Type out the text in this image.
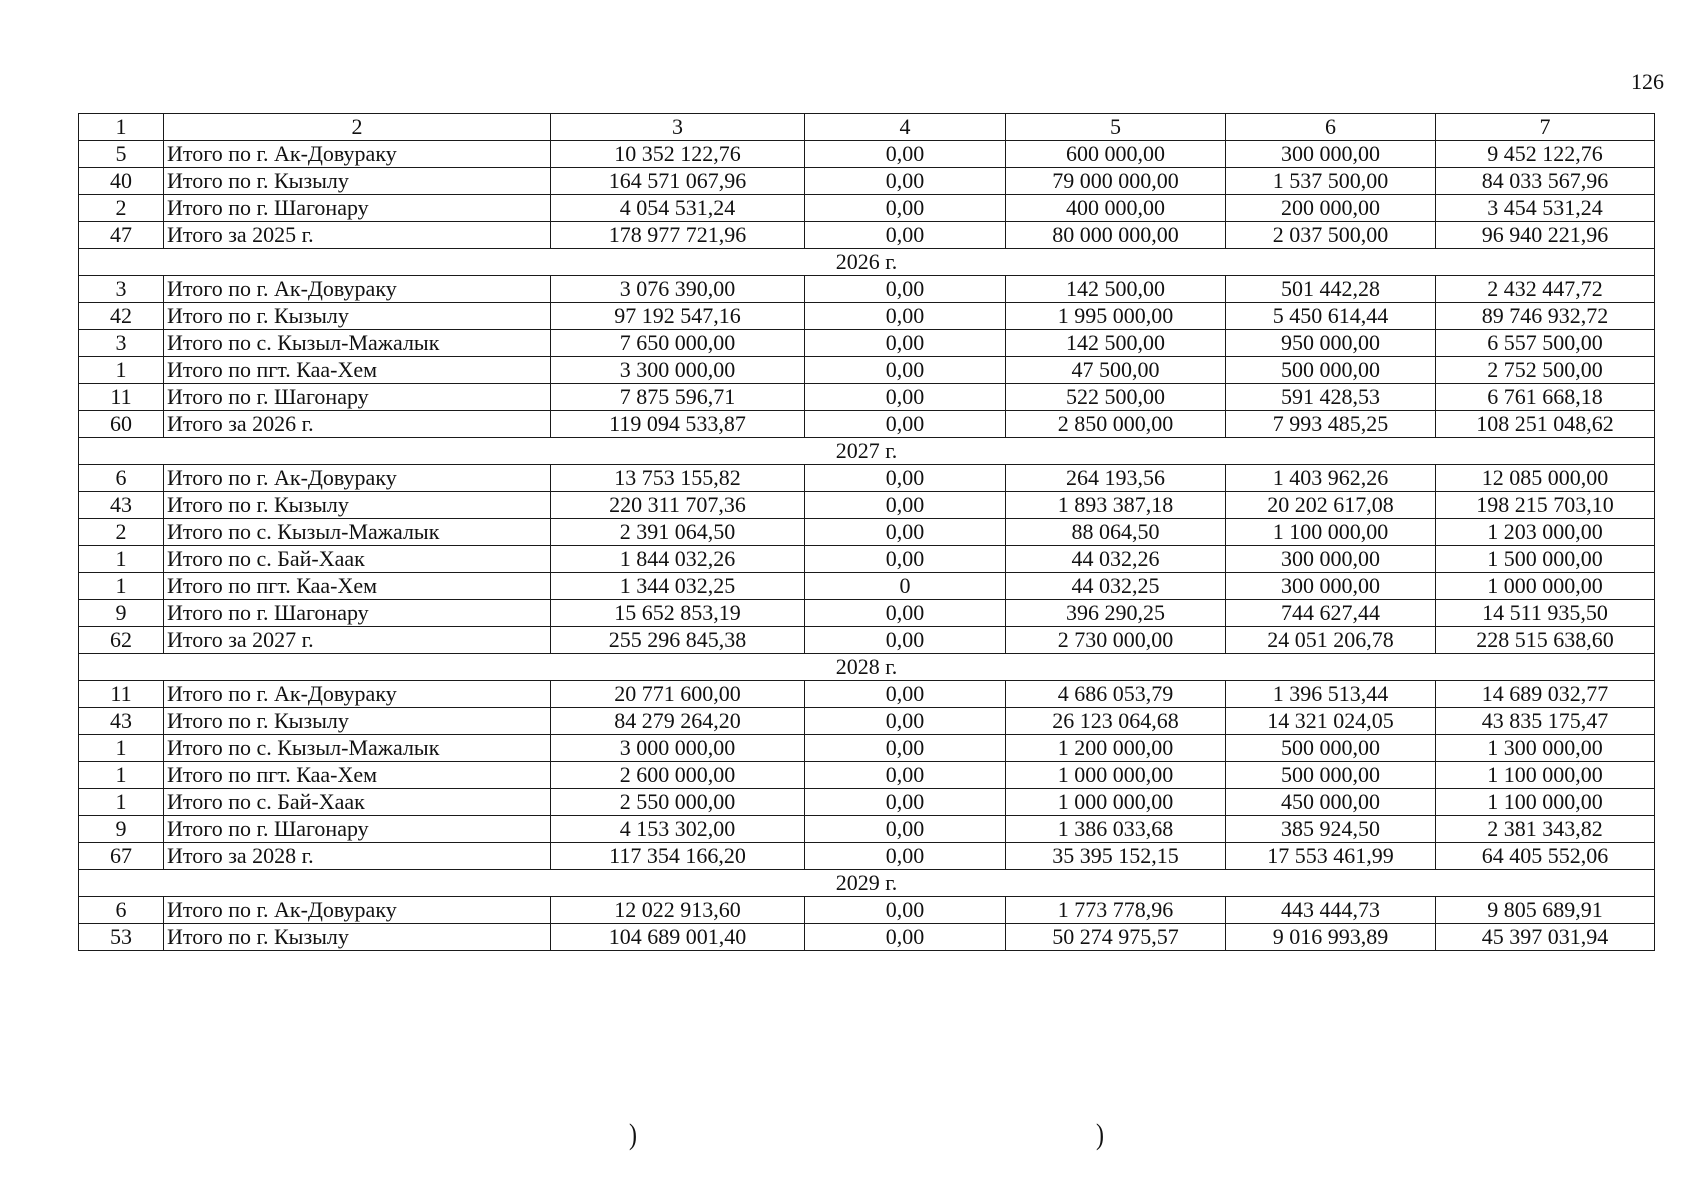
126
1	2	3	4	5	6	7
5	Итого по г. Ак-Довураку	10 352 122,76	0,00	600 000,00	300 000,00	9 452 122,76
40	Итого по г. Кызылу	164 571 067,96	0,00	79 000 000,00	1 537 500,00	84 033 567,96
2	Итого по г. Шагонару	4 054 531,24	0,00	400 000,00	200 000,00	3 454 531,24
47	Итого за 2025 г.	178 977 721,96	0,00	80 000 000,00	2 037 500,00	96 940 221,96
2026 г.						
3	Итого по г. Ак-Довураку	3 076 390,00	0,00	142 500,00	501 442,28	2 432 447,72
42	Итого по г. Кызылу	97 192 547,16	0,00	1 995 000,00	5 450 614,44	89 746 932,72
3	Итого по с. Кызыл-Мажалык	7 650 000,00	0,00	142 500,00	950 000,00	6 557 500,00
1	Итого по пгт. Каа-Хем	3 300 000,00	0,00	47 500,00	500 000,00	2 752 500,00
11	Итого по г. Шагонару	7 875 596,71	0,00	522 500,00	591 428,53	6 761 668,18
60	Итого за 2026 г.	119 094 533,87	0,00	2 850 000,00	7 993 485,25	108 251 048,62
2027 г.						
6	Итого по г. Ак-Довураку	13 753 155,82	0,00	264 193,56	1 403 962,26	12 085 000,00
43	Итого по г. Кызылу	220 311 707,36	0,00	1 893 387,18	20 202 617,08	198 215 703,10
2	Итого по с. Кызыл-Мажалык	2 391 064,50	0,00	88 064,50	1 100 000,00	1 203 000,00
1	Итого по с. Бай-Хаак	1 844 032,26	0,00	44 032,26	300 000,00	1 500 000,00
1	Итого по пгт. Каа-Хем	1 344 032,25	0	44 032,25	300 000,00	1 000 000,00
9	Итого по г. Шагонару	15 652 853,19	0,00	396 290,25	744 627,44	14 511 935,50
62	Итого за 2027 г.	255 296 845,38	0,00	2 730 000,00	24 051 206,78	228 515 638,60
2028 г.						
11	Итого по г. Ак-Довураку	20 771 600,00	0,00	4 686 053,79	1 396 513,44	14 689 032,77
43	Итого по г. Кызылу	84 279 264,20	0,00	26 123 064,68	14 321 024,05	43 835 175,47
1	Итого по с. Кызыл-Мажалык	3 000 000,00	0,00	1 200 000,00	500 000,00	1 300 000,00
1	Итого по пгт. Каа-Хем	2 600 000,00	0,00	1 000 000,00	500 000,00	1 100 000,00
1	Итого по с. Бай-Хаак	2 550 000,00	0,00	1 000 000,00	450 000,00	1 100 000,00
9	Итого по г. Шагонару	4 153 302,00	0,00	1 386 033,68	385 924,50	2 381 343,82
67	Итого за 2028 г.	117 354 166,20	0,00	35 395 152,15	17 553 461,99	64 405 552,06
2029 г.						
6	Итого по г. Ак-Довураку	12 022 913,60	0,00	1 773 778,96	443 444,73	9 805 689,91
53	Итого по г. Кызылу	104 689 001,40	0,00	50 274 975,57	9 016 993,89	45 397 031,94
)	)
